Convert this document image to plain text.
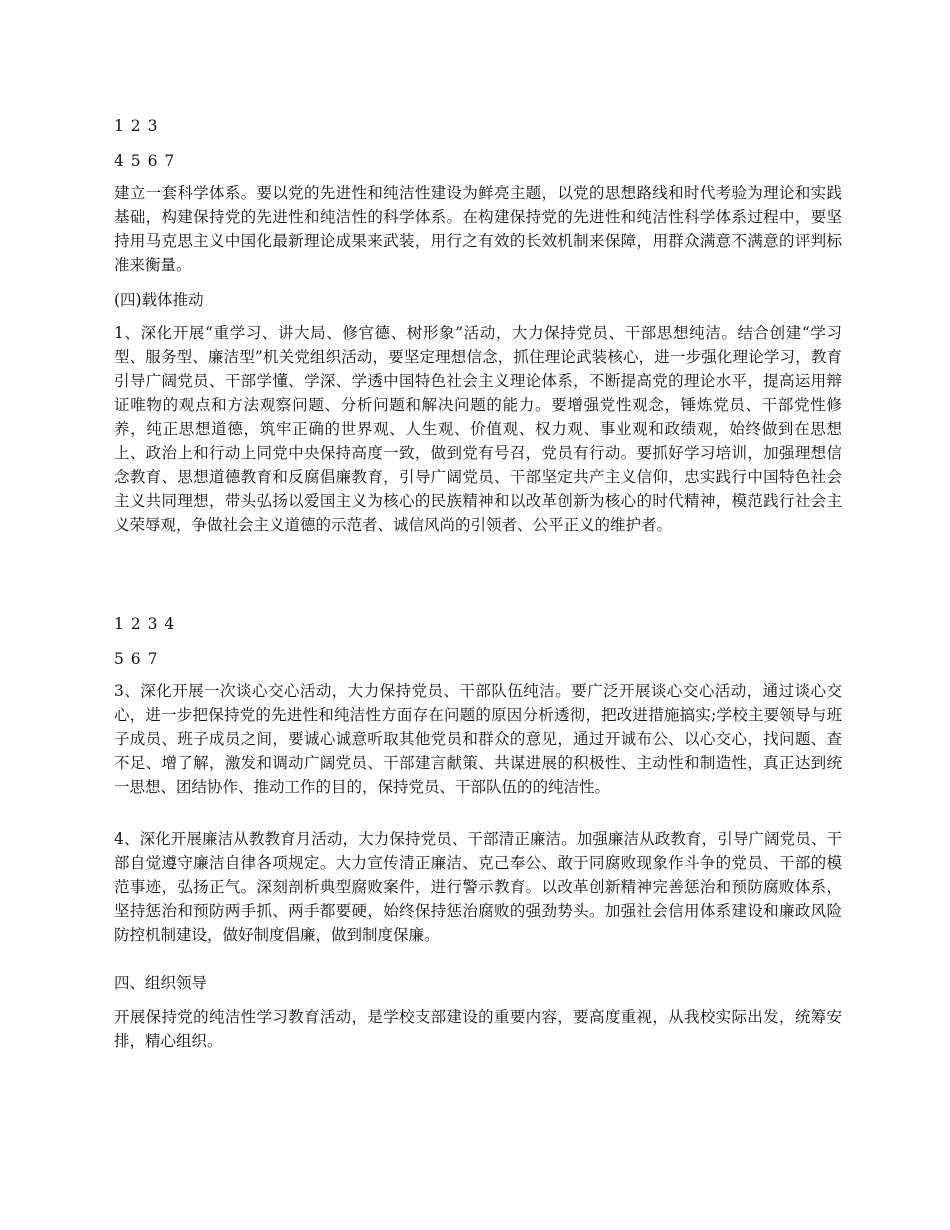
1 2 3
4 5 6 7

建立一套科学体系。要以党的先进性和纯洁性建设为鲜亮主题，以党的思想路线和时代考验为理论和实践基础，构建保持党的先进性和纯洁性的科学体系。在构建保持党的先进性和纯洁性科学体系过程中，要坚持用马克思主义中国化最新理论成果来武装，用行之有效的长效机制来保障，用群众满意不满意的评判标准来衡量。

(四)载体推动

1、深化开展“重学习、讲大局、修官德、树形象”活动，大力保持党员、干部思想纯洁。结合创建“学习型、服务型、廉洁型”机关党组织活动，要坚定理想信念，抓住理论武装核心，进一步强化理论学习，教育引导广阔党员、干部学懂、学深、学透中国特色社会主义理论体系，不断提高党的理论水平，提高运用辩证唯物的观点和方法观察问题、分析问题和解决问题的能力。要增强党性观念，锤炼党员、干部党性修养，纯正思想道德，筑牢正确的世界观、人生观、价值观、权力观、事业观和政绩观，始终做到在思想上、政治上和行动上同党中央保持高度一致，做到党有号召，党员有行动。要抓好学习培训，加强理想信念教育、思想道德教育和反腐倡廉教育，引导广阔党员、干部坚定共产主义信仰，忠实践行中国特色社会主义共同理想，带头弘扬以爱国主义为核心的民族精神和以改革创新为核心的时代精神，模范践行社会主义荣辱观，争做社会主义道德的示范者、诚信风尚的引领者、公平正义的维护者。

1 2 3 4
5 6 7

3、深化开展一次谈心交心活动，大力保持党员、干部队伍纯洁。要广泛开展谈心交心活动，通过谈心交心，进一步把保持党的先进性和纯洁性方面存在问题的原因分析透彻，把改进措施搞实;学校主要领导与班子成员、班子成员之间，要诚心诚意听取其他党员和群众的意见，通过开诚布公、以心交心，找问题、查不足、增了解，激发和调动广阔党员、干部建言献策、共谋进展的积极性、主动性和制造性，真正达到统一思想、团结协作、推动工作的目的，保持党员、干部队伍的的纯洁性。

4、深化开展廉洁从教教育月活动，大力保持党员、干部清正廉洁。加强廉洁从政教育，引导广阔党员、干部自觉遵守廉洁自律各项规定。大力宣传清正廉洁、克己奉公、敢于同腐败现象作斗争的党员、干部的模范事迹，弘扬正气。深刻剖析典型腐败案件，进行警示教育。以改革创新精神完善惩治和预防腐败体系，坚持惩治和预防两手抓、两手都要硬，始终保持惩治腐败的强劲势头。加强社会信用体系建设和廉政风险防控机制建设，做好制度倡廉，做到制度保廉。

四、组织领导

开展保持党的纯洁性学习教育活动，是学校支部建设的重要内容，要高度重视，从我校实际出发，统筹安排，精心组织。
